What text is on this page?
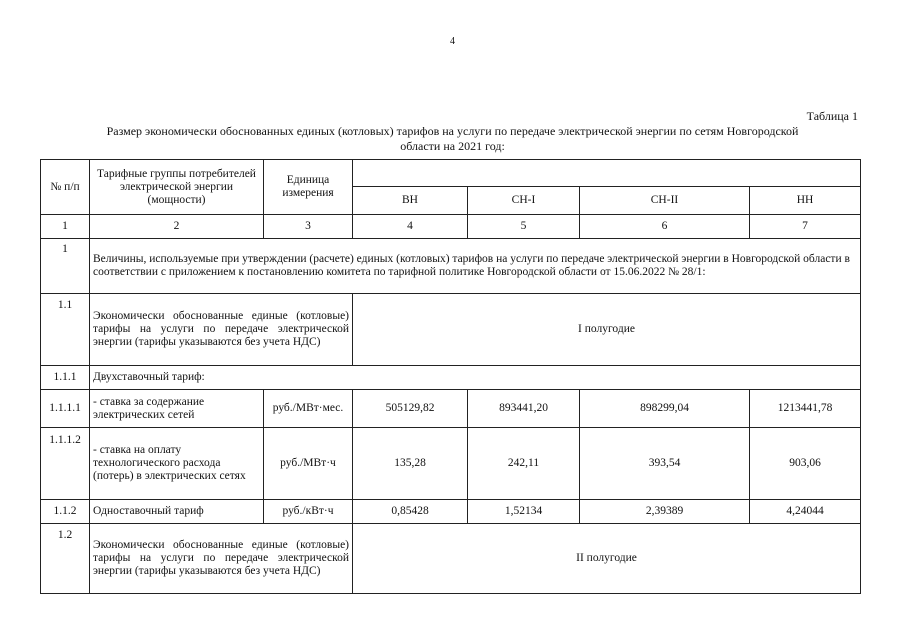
4
Таблица 1
Размер экономически обоснованных единых (котловых) тарифов на услуги по передаче электрической энергии по сетям Новгородской
области на 2021 год:
№ п/п	Тарифные группы потребителей электрической энергии (мощности)	Единица измерения				
			ВН	СН-I	СН-II	НН
1	2	3	4	5	6	7
1	Величины, используемые при утверждении (расчете) единых (котловых) тарифов на услуги по передаче электрической энергии в Новгородской области в соответствии с приложением к постановлению комитета по тарифной политике Новгородской области от 15.06.2022 № 28/1:					
1.1	Экономически обоснованные единые (котловые) тарифы на услуги по передаче электрической энергии (тарифы указываются без учета НДС)		I полугодие			
1.1.1	Двухставочный тариф:					
1.1.1.1	- ставка за содержание электрических сетей	руб./МВт·мес.	505129,82	893441,20	898299,04	1213441,78
1.1.1.2	- ставка на оплату технологического расхода (потерь) в электрических сетях	руб./МВт·ч	135,28	242,11	393,54	903,06
1.1.2	Одноставочный тариф	руб./кВт·ч	0,85428	1,52134	2,39389	4,24044
1.2	Экономически обоснованные единые (котловые) тарифы на услуги по передаче электрической энергии (тарифы указываются без учета НДС)		II полугодие			
